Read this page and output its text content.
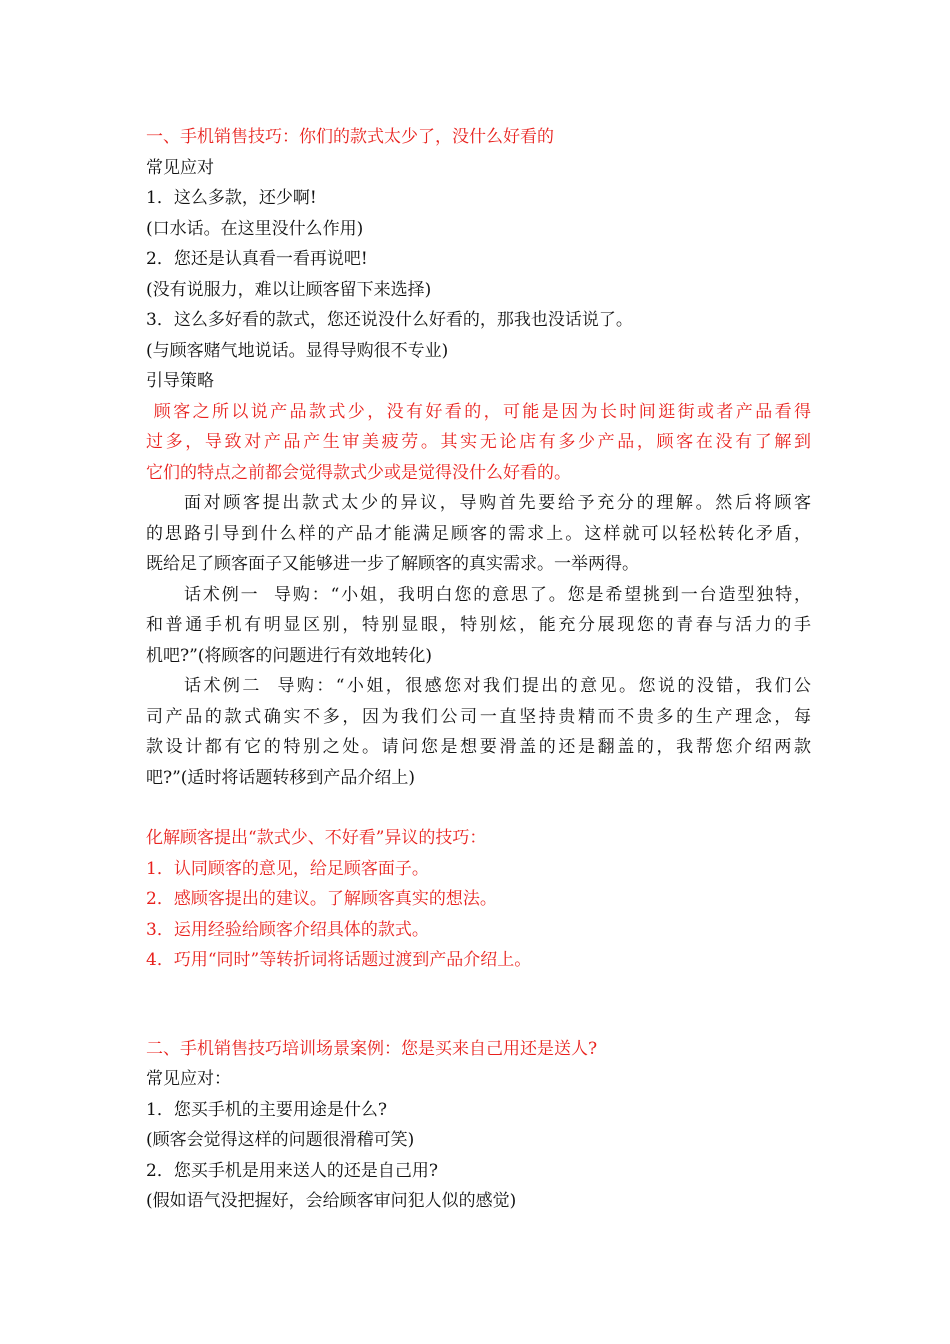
一、手机销售技巧：你们的款式太少了，没什么好看的
常见应对
1．这么多款，还少啊!
(口水话。在这里没什么作用)
2．您还是认真看一看再说吧!
(没有说服力，难以让顾客留下来选择)
3．这么多好看的款式，您还说没什么好看的，那我也没话说了。
(与顾客赌气地说话。显得导购很不专业)
引导策略
顾客之所以说产品款式少，没有好看的，可能是因为长时间逛街或者产品看得
过多，导致对产品产生审美疲劳。其实无论店有多少产品，顾客在没有了解到
它们的特点之前都会觉得款式少或是觉得没什么好看的。
面对顾客提出款式太少的异议，导购首先要给予充分的理解。然后将顾客
的思路引导到什么样的产品才能满足顾客的需求上。这样就可以轻松转化矛盾，
既给足了顾客面子又能够进一步了解顾客的真实需求。一举两得。
话术例一  导购：“小姐，我明白您的意思了。您是希望挑到一台造型独特，
和普通手机有明显区别，特别显眼，特别炫，能充分展现您的青春与活力的手
机吧?”(将顾客的问题进行有效地转化)
话术例二  导购：“小姐，很感您对我们提出的意见。您说的没错，我们公
司产品的款式确实不多，因为我们公司一直坚持贵精而不贵多的生产理念，每
款设计都有它的特别之处。请问您是想要滑盖的还是翻盖的，我帮您介绍两款
吧?”(适时将话题转移到产品介绍上)
化解顾客提出“款式少、不好看”异议的技巧：
1．认同顾客的意见，给足顾客面子。
2．感顾客提出的建议。了解顾客真实的想法。
3．运用经验给顾客介绍具体的款式。
4．巧用“同时”等转折词将话题过渡到产品介绍上。
二、手机销售技巧培训场景案例：您是买来自己用还是送人?
常见应对：
1．您买手机的主要用途是什么?
(顾客会觉得这样的问题很滑稽可笑)
2．您买手机是用来送人的还是自己用?
(假如语气没把握好，会给顾客审问犯人似的感觉)
